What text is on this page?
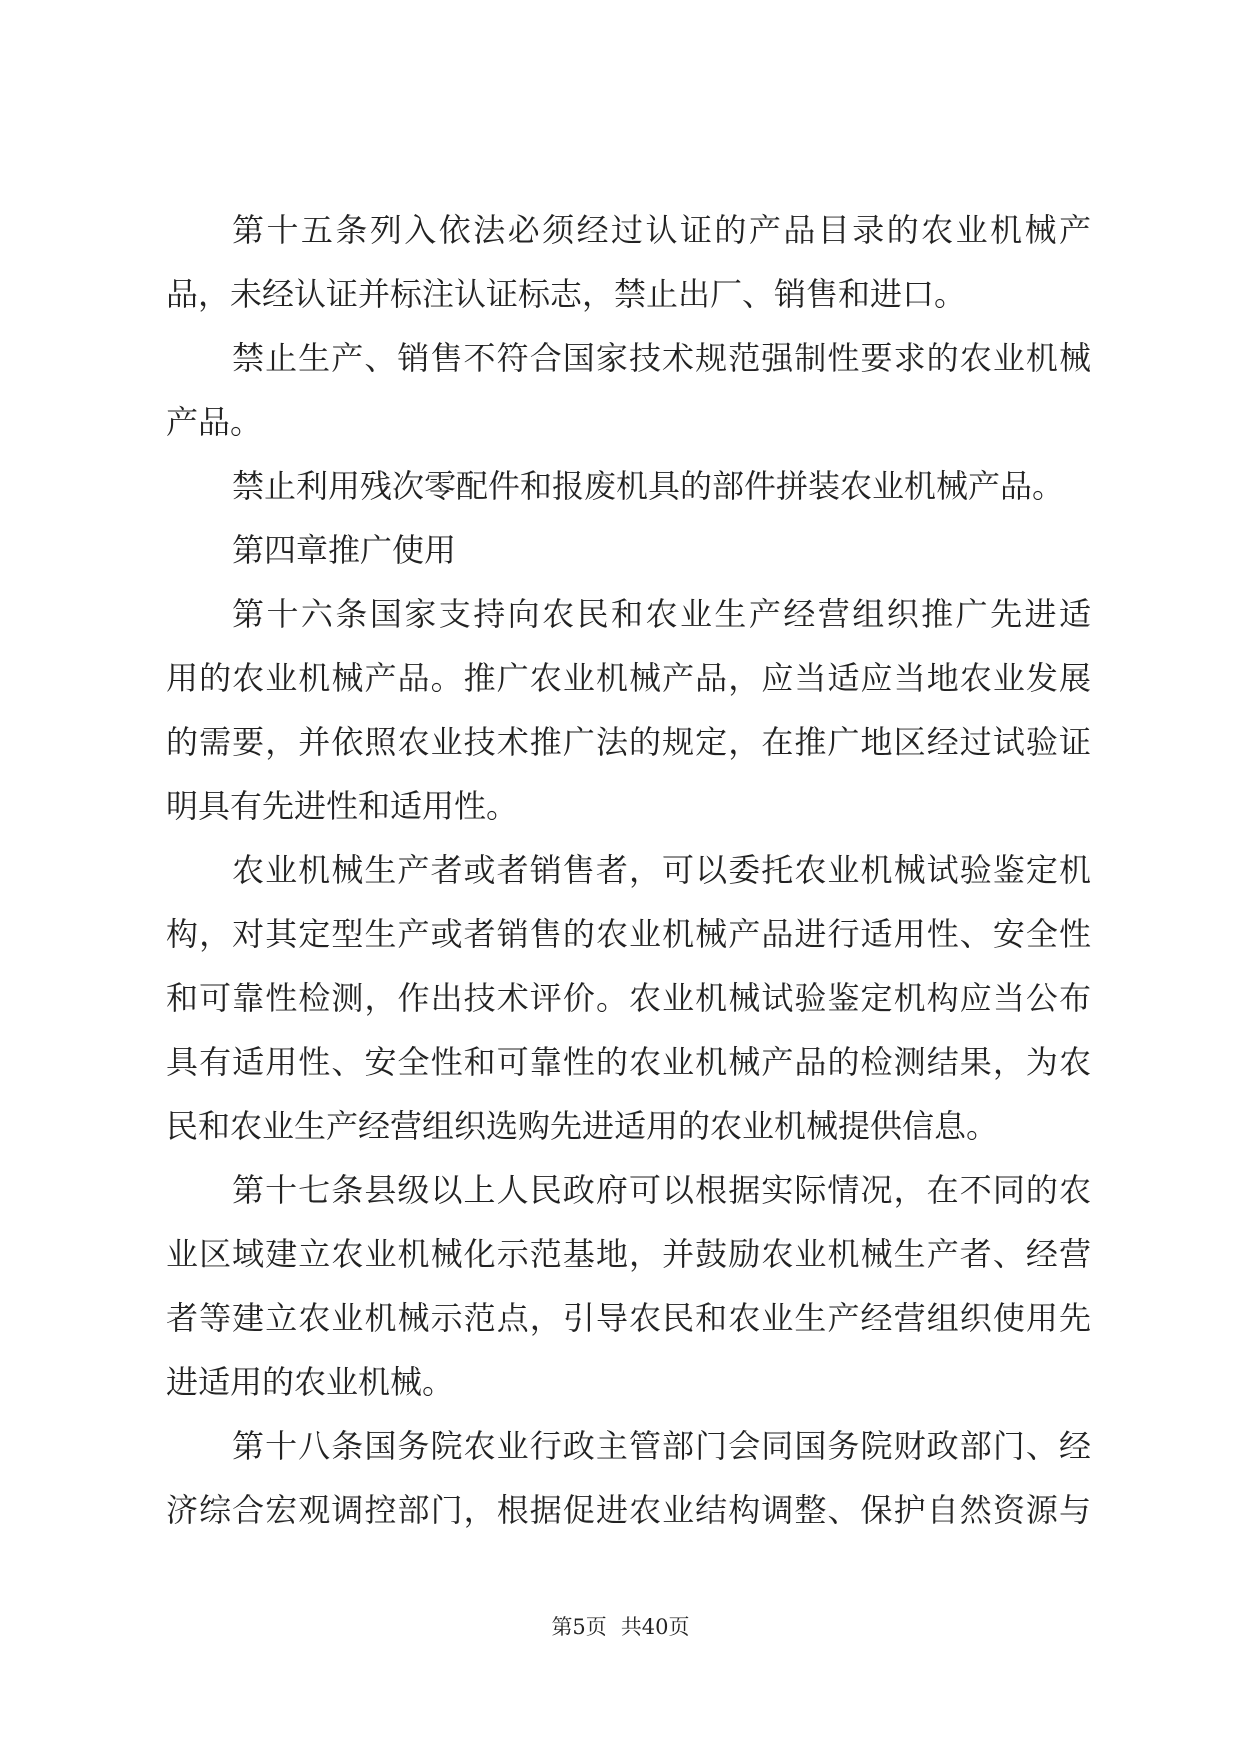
第十五条列入依法必须经过认证的产品目录的农业机械产

品，未经认证并标注认证标志，禁止出厂、销售和进口。

禁止生产、销售不符合国家技术规范强制性要求的农业机械

产品。

禁止利用残次零配件和报废机具的部件拼装农业机械产品。

第四章推广使用

第十六条国家支持向农民和农业生产经营组织推广先进适

用的农业机械产品。推广农业机械产品，应当适应当地农业发展

的需要，并依照农业技术推广法的规定，在推广地区经过试验证

明具有先进性和适用性。

农业机械生产者或者销售者，可以委托农业机械试验鉴定机

构，对其定型生产或者销售的农业机械产品进行适用性、安全性

和可靠性检测，作出技术评价。农业机械试验鉴定机构应当公布

具有适用性、安全性和可靠性的农业机械产品的检测结果，为农

民和农业生产经营组织选购先进适用的农业机械提供信息。

第十七条县级以上人民政府可以根据实际情况，在不同的农

业区域建立农业机械化示范基地，并鼓励农业机械生产者、经营

者等建立农业机械示范点，引导农民和农业生产经营组织使用先

进适用的农业机械。

第十八条国务院农业行政主管部门会同国务院财政部门、经

济综合宏观调控部门，根据促进农业结构调整、保护自然资源与

第5页 共40页
